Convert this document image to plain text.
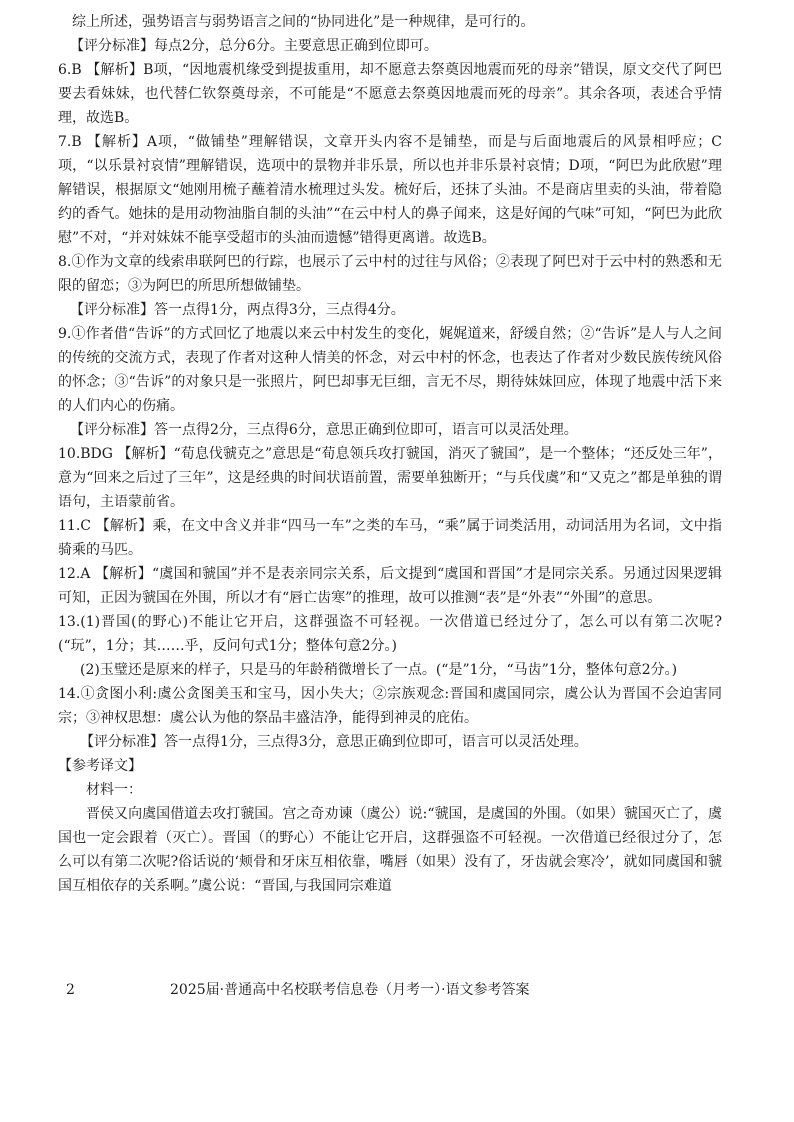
综上所述，强势语言与弱势语言之间的“协同进化”是一种规律，是可行的。

【评分标准】每点2分，总分6分。主要意思正确到位即可。

6.B 【解析】B项，“因地震机缘受到提拔重用，却不愿意去祭奠因地震而死的母亲”错误，原文交代了阿巴要去看妹妹，也代替仁钦祭奠母亲，不可能是“不愿意去祭奠因地震而死的母亲”。其余各项，表述合乎情理，故选B。

7.B 【解析】A项，“做铺垫”理解错误，文章开头内容不是铺垫，而是与后面地震后的风景相呼应；C项，“以乐景衬哀情”理解错误，选项中的景物并非乐景，所以也并非乐景衬哀情；D项，“阿巴为此欣慰”理解错误，根据原文“她刚用梳子蘸着清水梳理过头发。梳好后，还抹了头油。不是商店里卖的头油，带着隐约的香气。她抹的是用动物油脂自制的头油”“在云中村人的鼻子闻来，这是好闻的气味”可知，“阿巴为此欣慰”不对，“并对妹妹不能享受超市的头油而遗憾”错得更离谱。故选B。

8.①作为文章的线索串联阿巴的行踪，也展示了云中村的过往与风俗；②表现了阿巴对于云中村的熟悉和无限的留恋；③为阿巴的所思所想做铺垫。

【评分标准】答一点得1分，两点得3分，三点得4分。

9.①作者借“告诉”的方式回忆了地震以来云中村发生的变化，娓娓道来，舒缓自然；②“告诉”是人与人之间的传统的交流方式，表现了作者对这种人情美的怀念，对云中村的怀念，也表达了作者对少数民族传统风俗的怀念；③“告诉”的对象只是一张照片，阿巴却事无巨细，言无不尽，期待妹妹回应，体现了地震中活下来的人们内心的伤痛。

【评分标准】答一点得2分，三点得6分，意思正确到位即可，语言可以灵活处理。

10.BDG 【解析】“荀息伐虢克之”意思是“荀息领兵攻打虢国，消灭了虢国”，是一个整体；“还反处三年”，意为“回来之后过了三年”，这是经典的时间状语前置，需要单独断开；“与兵伐虞”和“又克之”都是单独的谓语句，主语蒙前省。

11.C 【解析】乘，在文中含义并非“四马一车”之类的车马，“乘”属于词类活用，动词活用为名词，文中指骑乘的马匹。

12.A 【解析】“虞国和虢国”并不是表亲同宗关系，后文提到“虞国和晋国”才是同宗关系。另通过因果逻辑可知，正因为虢国在外围，所以才有“唇亡齿寒”的推理，故可以推测“表”是“外表”“外围”的意思。

13.(1)晋国(的野心)不能让它开启，这群强盗不可轻视。一次借道已经过分了，怎么可以有第二次呢?(“玩”，1分；其……乎，反问句式1分；整体句意2分。)

(2)玉璧还是原来的样子，只是马的年龄稍微增长了一点。(“是”1分，“马齿”1分，整体句意2分。)

14.①贪图小利:虞公贪图美玉和宝马，因小失大；②宗族观念:晋国和虞国同宗，虞公认为晋国不会迫害同宗；③神权思想：虞公认为他的祭品丰盛洁净，能得到神灵的庇佑。

【评分标准】答一点得1分，三点得3分，意思正确到位即可，语言可以灵活处理。

【参考译文】

材料一：

晋侯又向虞国借道去攻打虢国。宫之奇劝谏（虞公）说:“虢国，是虞国的外围。（如果）虢国灭亡了，虞国也一定会跟着（灭亡）。晋国（的野心）不能让它开启，这群强盗不可轻视。一次借道已经很过分了，怎么可以有第二次呢?俗话说的‘颊骨和牙床互相依靠，嘴唇（如果）没有了，牙齿就会寒冷’，就如同虞国和虢国互相依存的关系啊。”虞公说：“晋国,与我国同宗难道

2	2025届·普通高中名校联考信息卷（月考一）·语文参考答案
